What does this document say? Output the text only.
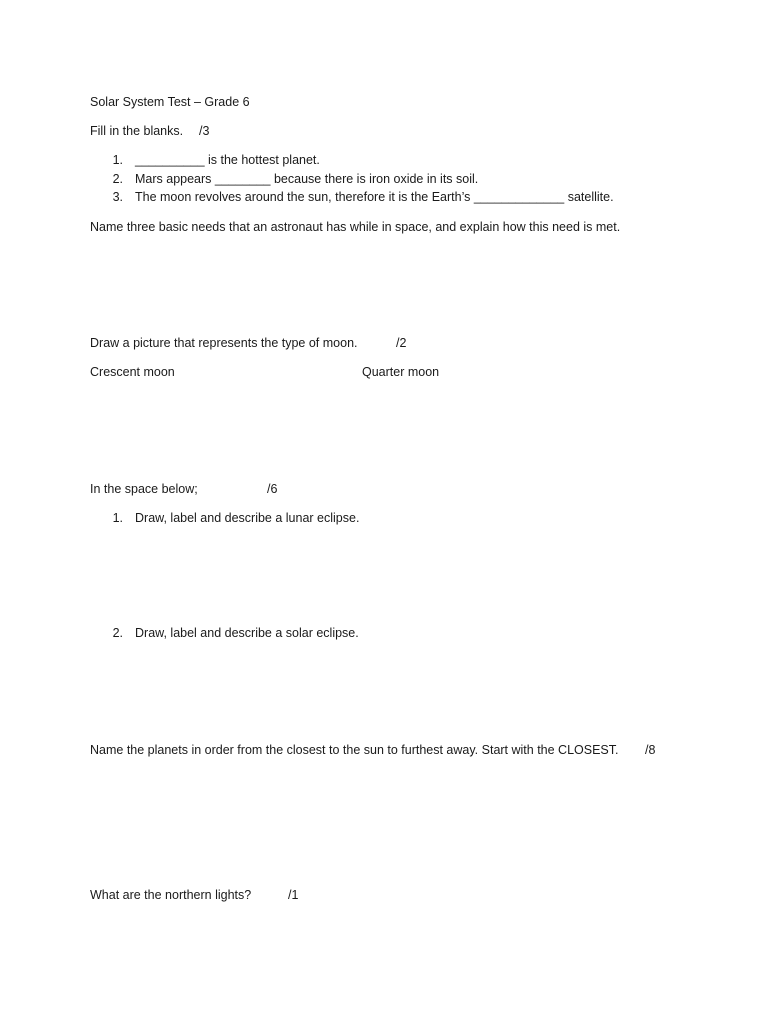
Solar System Test – Grade 6
Fill in the blanks. /3
1. __________ is the hottest planet.
2. Mars appears ________ because there is iron oxide in its soil.
3. The moon revolves around the sun, therefore it is the Earth’s _____________ satellite.
Name three basic needs that an astronaut has while in space, and explain how this need is met.
Draw a picture that represents the type of moon.	/2
Crescent moon	Quarter moon
In the space below;	/6
1. Draw, label and describe a lunar eclipse.
2. Draw, label and describe a solar eclipse.
Name the planets in order from the closest to the sun to furthest away. Start with the CLOSEST. /8
What are the northern lights?	/1
